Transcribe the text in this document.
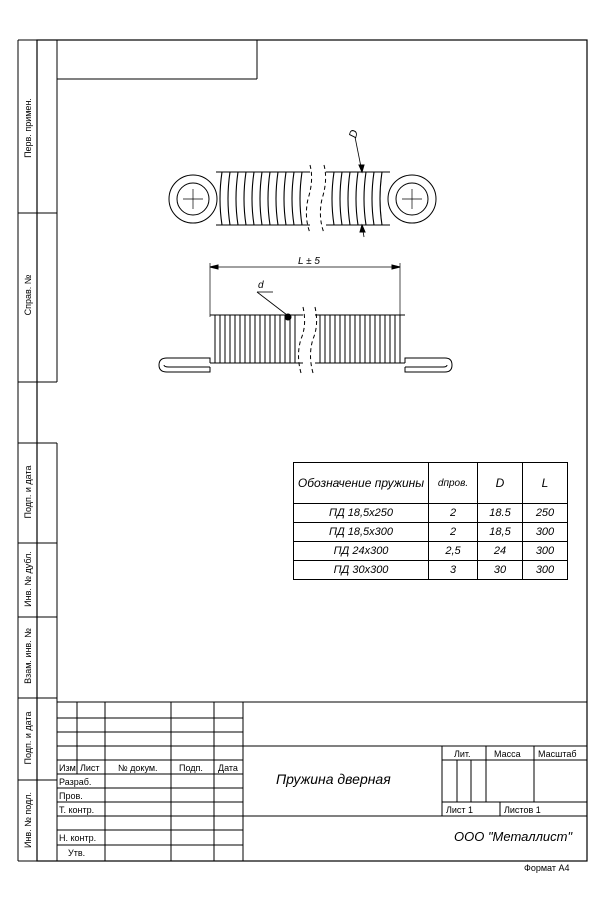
Перв. примен.
Справ. №
Подп. и дата
Инв. № дубл.
Взам. инв. №
Подп. и дата
Инв. № подл.
D
L ± 5
d
Обозначение пружины	dпров.	D	L
ПД 18,5х250	2	18.5	250
ПД 18,5х300	2	18,5	300
ПД 24х300	2,5	24	300
ПД 30х300	3	30	300
Изм. Лист № докум. Подп. Дата
Разраб.
Пров.
Т. контр.
Н. контр.
Утв.
Пружина дверная
Лит.	Масса Масштаб
Лист 1	Листов 1
ООО "Металлист"
Формат А4
